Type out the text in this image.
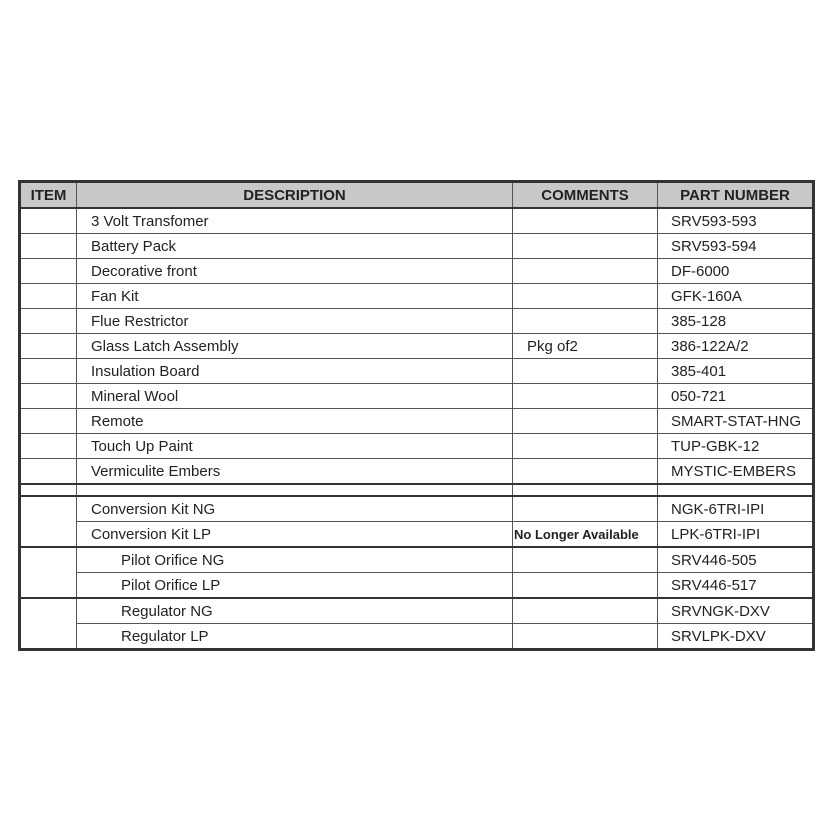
ITEM	DESCRIPTION	COMMENTS	PART NUMBER
	3 Volt Transfomer		SRV593-593
	Battery Pack		SRV593-594
	Decorative front		DF-6000
	Fan Kit		GFK-160A
	Flue Restrictor		385-128
	Glass Latch Assembly	Pkg of2	386-122A/2
	Insulation Board		385-401
	Mineral Wool		050-721
	Remote		SMART-STAT-HNG
	Touch Up Paint		TUP-GBK-12
	Vermiculite Embers		MYSTIC-EMBERS

	Conversion Kit NG		NGK-6TRI-IPI
	Conversion Kit LP	No Longer Available	LPK-6TRI-IPI
	Pilot Orifice NG		SRV446-505
	Pilot Orifice LP		SRV446-517
	Regulator NG		SRVNGK-DXV
	Regulator LP		SRVLPK-DXV
